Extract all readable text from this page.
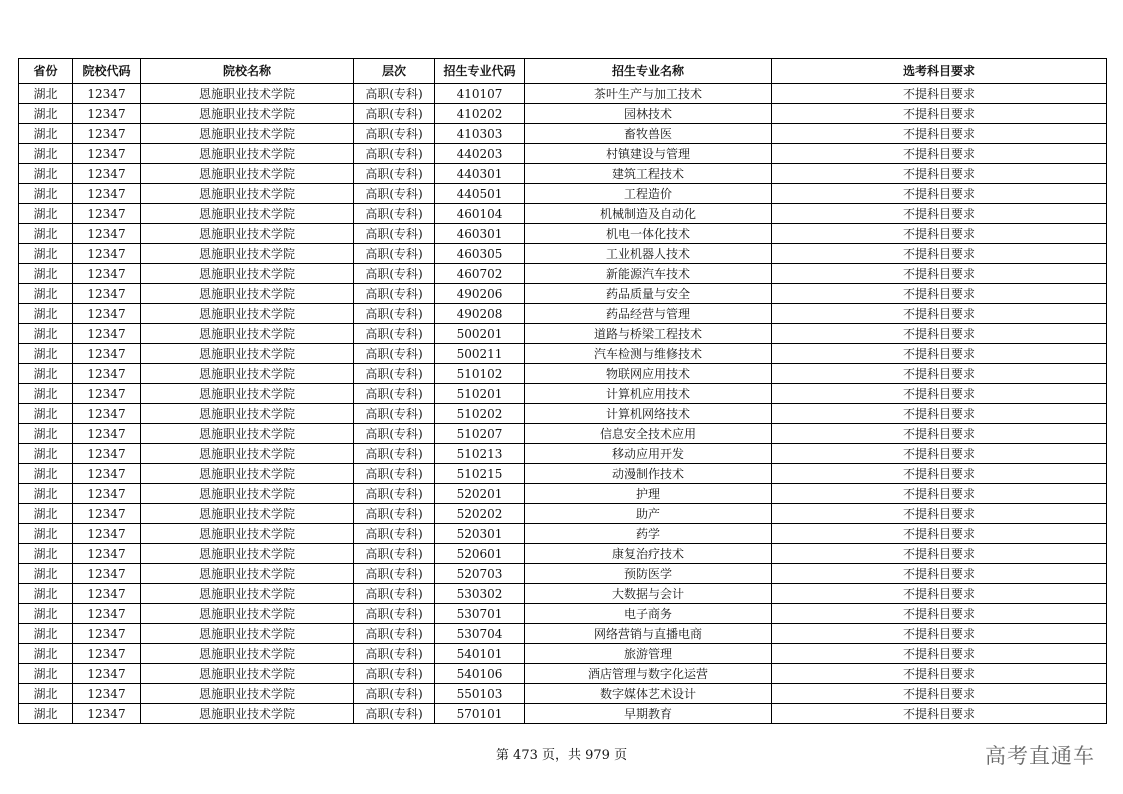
省份	院校代码	院校名称	层次	招生专业代码	招生专业名称	选考科目要求
湖北	12347	恩施职业技术学院	高职(专科)	410107	茶叶生产与加工技术	不提科目要求
湖北	12347	恩施职业技术学院	高职(专科)	410202	园林技术	不提科目要求
湖北	12347	恩施职业技术学院	高职(专科)	410303	畜牧兽医	不提科目要求
湖北	12347	恩施职业技术学院	高职(专科)	440203	村镇建设与管理	不提科目要求
湖北	12347	恩施职业技术学院	高职(专科)	440301	建筑工程技术	不提科目要求
湖北	12347	恩施职业技术学院	高职(专科)	440501	工程造价	不提科目要求
湖北	12347	恩施职业技术学院	高职(专科)	460104	机械制造及自动化	不提科目要求
湖北	12347	恩施职业技术学院	高职(专科)	460301	机电一体化技术	不提科目要求
湖北	12347	恩施职业技术学院	高职(专科)	460305	工业机器人技术	不提科目要求
湖北	12347	恩施职业技术学院	高职(专科)	460702	新能源汽车技术	不提科目要求
湖北	12347	恩施职业技术学院	高职(专科)	490206	药品质量与安全	不提科目要求
湖北	12347	恩施职业技术学院	高职(专科)	490208	药品经营与管理	不提科目要求
湖北	12347	恩施职业技术学院	高职(专科)	500201	道路与桥梁工程技术	不提科目要求
湖北	12347	恩施职业技术学院	高职(专科)	500211	汽车检测与维修技术	不提科目要求
湖北	12347	恩施职业技术学院	高职(专科)	510102	物联网应用技术	不提科目要求
湖北	12347	恩施职业技术学院	高职(专科)	510201	计算机应用技术	不提科目要求
湖北	12347	恩施职业技术学院	高职(专科)	510202	计算机网络技术	不提科目要求
湖北	12347	恩施职业技术学院	高职(专科)	510207	信息安全技术应用	不提科目要求
湖北	12347	恩施职业技术学院	高职(专科)	510213	移动应用开发	不提科目要求
湖北	12347	恩施职业技术学院	高职(专科)	510215	动漫制作技术	不提科目要求
湖北	12347	恩施职业技术学院	高职(专科)	520201	护理	不提科目要求
湖北	12347	恩施职业技术学院	高职(专科)	520202	助产	不提科目要求
湖北	12347	恩施职业技术学院	高职(专科)	520301	药学	不提科目要求
湖北	12347	恩施职业技术学院	高职(专科)	520601	康复治疗技术	不提科目要求
湖北	12347	恩施职业技术学院	高职(专科)	520703	预防医学	不提科目要求
湖北	12347	恩施职业技术学院	高职(专科)	530302	大数据与会计	不提科目要求
湖北	12347	恩施职业技术学院	高职(专科)	530701	电子商务	不提科目要求
湖北	12347	恩施职业技术学院	高职(专科)	530704	网络营销与直播电商	不提科目要求
湖北	12347	恩施职业技术学院	高职(专科)	540101	旅游管理	不提科目要求
湖北	12347	恩施职业技术学院	高职(专科)	540106	酒店管理与数字化运营	不提科目要求
湖北	12347	恩施职业技术学院	高职(专科)	550103	数字媒体艺术设计	不提科目要求
湖北	12347	恩施职业技术学院	高职(专科)	570101	早期教育	不提科目要求
第 473 页，共 979 页	高考直通车
